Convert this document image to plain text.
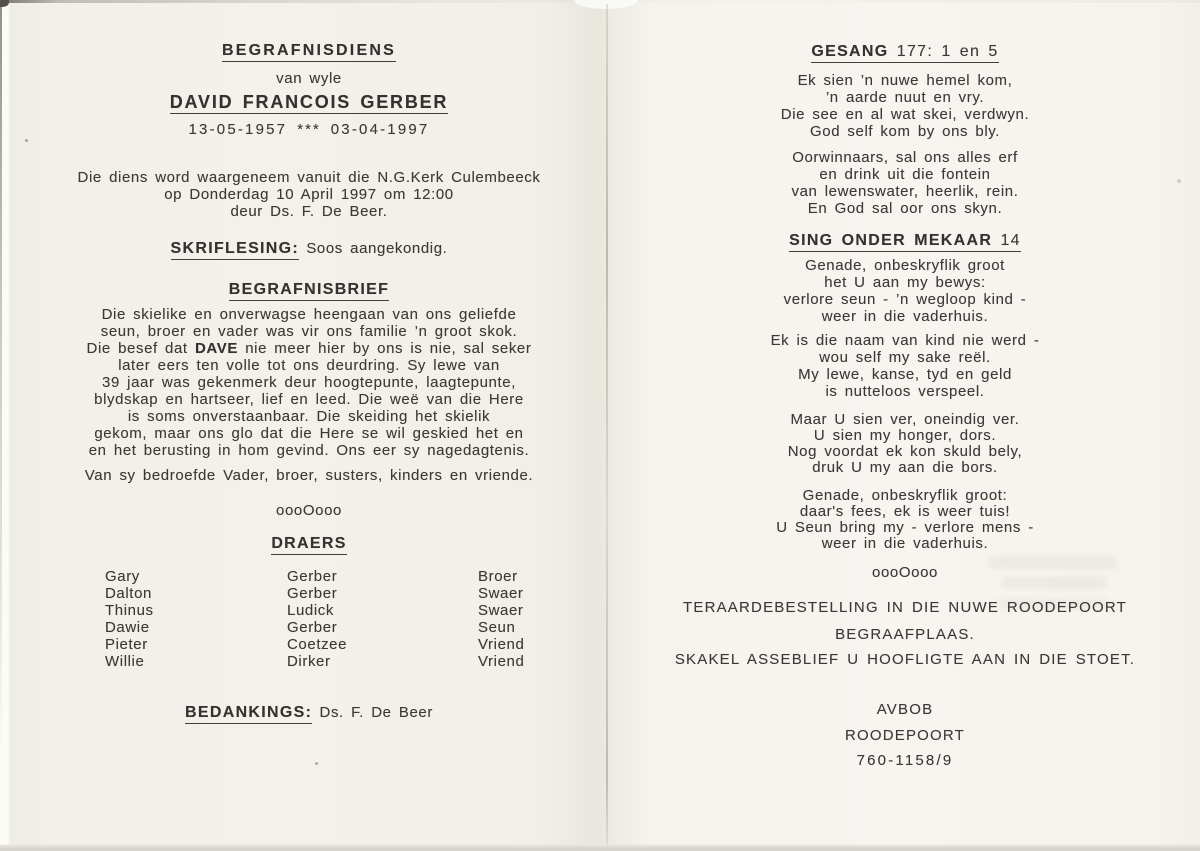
BEGRAFNISDIENS
van wyle
DAVID FRANCOIS GERBER
13-05-1957 *** 03-04-1997
Die diens word waargeneem vanuit die N.G.Kerk Culembeeck
op Donderdag 10 April 1997 om 12:00
deur Ds. F. De Beer.
SKRIFLESING: Soos aangekondig.
BEGRAFNISBRIEF
Die skielike en onverwagse heengaan van ons geliefde
seun, broer en vader was vir ons familie ’n groot skok.
Die besef dat DAVE nie meer hier by ons is nie, sal seker
later eers ten volle tot ons deurdring. Sy lewe van
39 jaar was gekenmerk deur hoogtepunte, laagtepunte,
blydskap en hartseer, lief en leed. Die weë van die Here
is soms onverstaanbaar. Die skeiding het skielik
gekom, maar ons glo dat die Here se wil geskied het en
en het berusting in hom gevind. Ons eer sy nagedagtenis.
Van sy bedroefde Vader, broer, susters, kinders en vriende.
oooOooo
DRAERS
Gary	Gerber	Broer
Dalton	Gerber	Swaer
Thinus	Ludick	Swaer
Dawie	Gerber	Seun
Pieter	Coetzee	Vriend
Willie	Dirker	Vriend
BEDANKINGS: Ds. F. De Beer
GESANG 177: 1 en 5
Ek sien ’n nuwe hemel kom,
’n aarde nuut en vry.
Die see en al wat skei, verdwyn.
God self kom by ons bly.
Oorwinnaars, sal ons alles erf
en drink uit die fontein
van lewenswater, heerlik, rein.
En God sal oor ons skyn.
SING ONDER MEKAAR 14
Genade, onbeskryflik groot
het U aan my bewys:
verlore seun - ’n wegloop kind -
weer in die vaderhuis.
Ek is die naam van kind nie werd -
wou self my sake reël.
My lewe, kanse, tyd en geld
is nutteloos verspeel.
Maar U sien ver, oneindig ver.
U sien my honger, dors.
Nog voordat ek kon skuld bely,
druk U my aan die bors.
Genade, onbeskryflik groot:
daar's fees, ek is weer tuis!
U Seun bring my - verlore mens -
weer in die vaderhuis.
oooOooo
TERAARDEBESTELLING IN DIE NUWE ROODEPOORT
BEGRAAFPLAAS.
SKAKEL ASSEBLIEF U HOOFLIGTE AAN IN DIE STOET.
AVBOB
ROODEPOORT
760-1158/9
